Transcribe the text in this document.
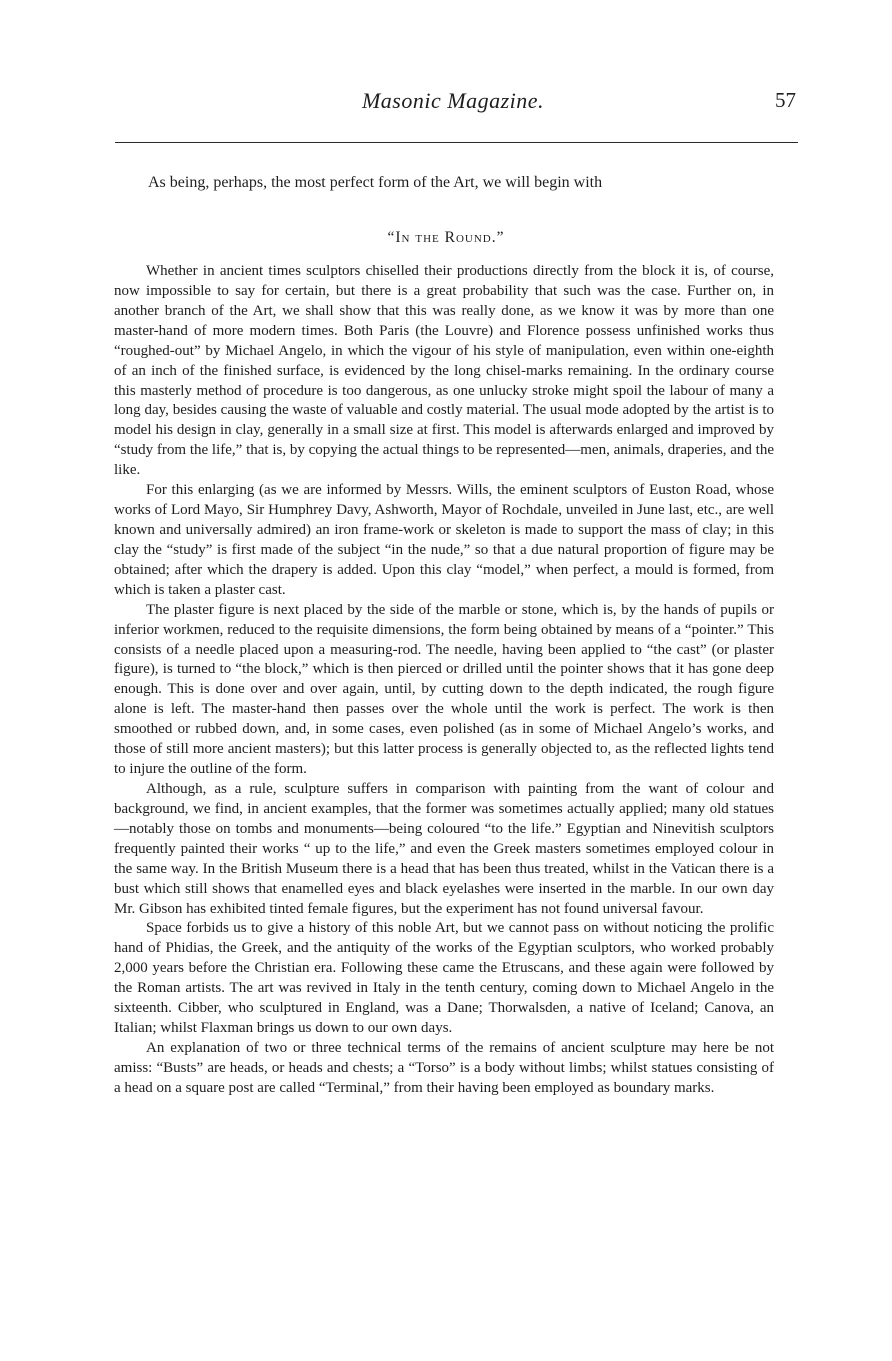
Masonic Magazine.	57
As being, perhaps, the most perfect form of the Art, we will begin with
“In the Round.”

Whether in ancient times sculptors chiselled their productions directly from the block it is, of course, now impossible to say for certain, but there is a great probability that such was the case. Further on, in another branch of the Art, we shall show that this was really done, as we know it was by more than one master-hand of more modern times. Both Paris (the Louvre) and Florence possess unfinished works thus “roughed-out” by Michael Angelo, in which the vigour of his style of manipulation, even within one-eighth of an inch of the finished surface, is evidenced by the long chisel-marks remaining. In the ordinary course this masterly method of procedure is too dangerous, as one unlucky stroke might spoil the labour of many a long day, besides causing the waste of valuable and costly material. The usual mode adopted by the artist is to model his design in clay, generally in a small size at first. This model is afterwards enlarged and improved by “study from the life,” that is, by copying the actual things to be represented—men, animals, draperies, and the like.

For this enlarging (as we are informed by Messrs. Wills, the eminent sculptors of Euston Road, whose works of Lord Mayo, Sir Humphrey Davy, Ashworth, Mayor of Rochdale, unveiled in June last, etc., are well known and universally admired) an iron frame-work or skeleton is made to support the mass of clay; in this clay the “study” is first made of the subject “in the nude,” so that a due natural proportion of figure may be obtained; after which the drapery is added. Upon this clay “model,” when perfect, a mould is formed, from which is taken a plaster cast.

The plaster figure is next placed by the side of the marble or stone, which is, by the hands of pupils or inferior workmen, reduced to the requisite dimensions, the form being obtained by means of a “pointer.” This consists of a needle placed upon a measuring-rod. The needle, having been applied to “the cast” (or plaster figure), is turned to “the block,” which is then pierced or drilled until the pointer shows that it has gone deep enough. This is done over and over again, until, by cutting down to the depth indicated, the rough figure alone is left. The master-hand then passes over the whole until the work is perfect. The work is then smoothed or rubbed down, and, in some cases, even polished (as in some of Michael Angelo’s works, and those of still more ancient masters); but this latter process is generally objected to, as the reflected lights tend to injure the outline of the form.

Although, as a rule, sculpture suffers in comparison with painting from the want of colour and background, we find, in ancient examples, that the former was sometimes actually applied; many old statues—notably those on tombs and monuments—being coloured “to the life.” Egyptian and Ninevitish sculptors frequently painted their works “ up to the life,” and even the Greek masters sometimes employed colour in the same way. In the British Museum there is a head that has been thus treated, whilst in the Vatican there is a bust which still shows that enamelled eyes and black eyelashes were inserted in the marble. In our own day Mr. Gibson has exhibited tinted female figures, but the experiment has not found universal favour.

Space forbids us to give a history of this noble Art, but we cannot pass on without noticing the prolific hand of Phidias, the Greek, and the antiquity of the works of the Egyptian sculptors, who worked probably 2,000 years before the Christian era. Following these came the Etruscans, and these again were followed by the Roman artists. The art was revived in Italy in the tenth century, coming down to Michael Angelo in the sixteenth. Cibber, who sculptured in England, was a Dane; Thorwalsden, a native of Iceland; Canova, an Italian; whilst Flaxman brings us down to our own days.

An explanation of two or three technical terms of the remains of ancient sculpture may here be not amiss: “Busts” are heads, or heads and chests; a “Torso” is a body without limbs; whilst statues consisting of a head on a square post are called “Terminal,” from their having been employed as boundary marks.
